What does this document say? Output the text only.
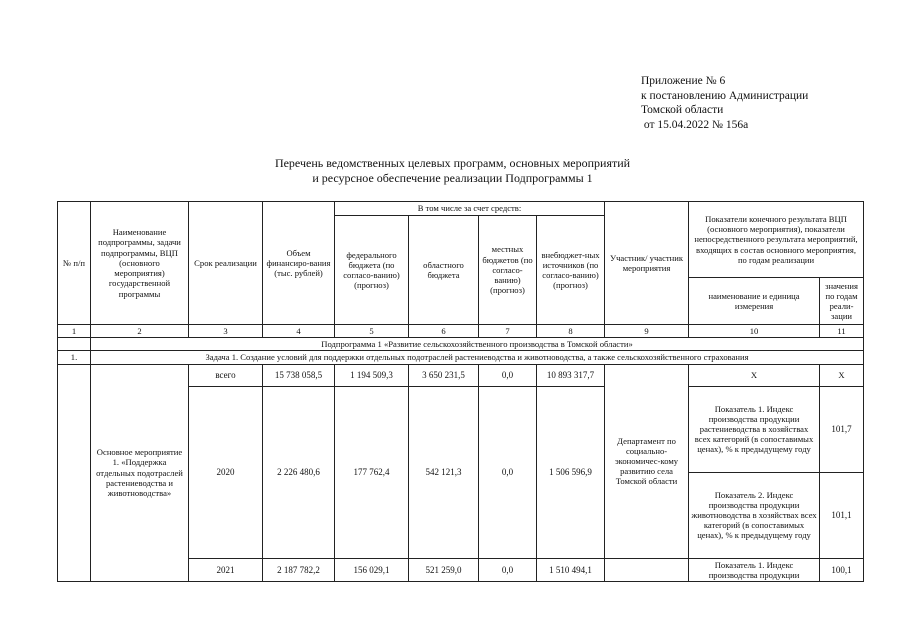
Приложение № 6
к постановлению Администрации
Томской области
от 15.04.2022 № 156а
Перечень ведомственных целевых программ, основных мероприятий
и ресурсное обеспечение реализации Подпрограммы 1
№ п/п	Наименование подпрограммы, задачи подпрограммы, ВЦП (основного мероприятия) государственной программы	Срок реализации	Объем финансиро-вания (тыс. рублей)	В том числе за счет средств:				Участник/ участник мероприятия	Показатели конечного результата ВЦП (основного мероприятия), показатели непосредственного результата мероприятий, входящих в состав основного мероприятия, по годам реализации	
				федерального бюджета (по согласо-ванию) (прогноз)	областного бюджета	местных бюджетов (по согласо-ванию) (прогноз)	внебюджет-ных источников (по согласо-ванию) (прогноз)			
									наименование и единица измерения	значения по годам реали-зации
1	2	3	4	5	6	7	8	9	10	11
	Подпрограмма 1 «Развитие сельскохозяйственного производства в Томской области»									
1.	Задача 1. Создание условий для поддержки отдельных подотраслей растениеводства и животноводства, а также сельскохозяйственного страхования									
	Основное мероприятие 1. «Поддержка отдельных подотраслей растениеводства и животноводства»	всего	15 738 058,5	1 194 509,3	3 650 231,5	0,0	10 893 317,7	Департамент по социально-экономичес-кому развитию села Томской области	Х	Х
		2020	2 226 480,6	177 762,4	542 121,3	0,0	1 506 596,9		Показатель 1. Индекс производства продукции растениеводства в хозяйствах всех категорий (в сопоставимых ценах), % к предыдущему году	101,7
									Показатель 2. Индекс производства продукции животноводства в хозяйствах всех категорий (в сопоставимых ценах), % к предыдущему году	101,1
		2021	2 187 782,2	156 029,1	521 259,0	0,0	1 510 494,1		Показатель 1. Индекс производства продукции	100,1
